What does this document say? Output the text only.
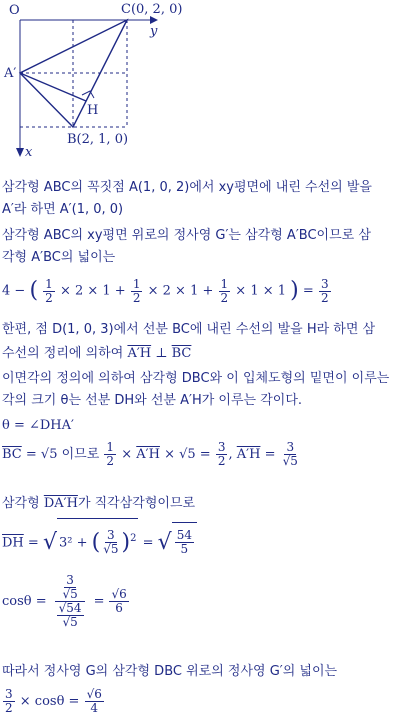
O	C(0, 2, 0)
y
A′
H
B(2, 1, 0)
x
삼각형 ABC의 꼭짓점 A(1, 0, 2)에서 xy평면에 내린 수선의 발을
A′라 하면 A′(1, 0, 0)
삼각형 ABC의 xy평면 위로의 정사영 G′는 삼각형 A′BC이므로 삼
각형 A′BC의 넓이는
4 − ( $\frac{1}{2} \times 2 \times 1 + \frac{1}{2} \times 2 \times 1 + \frac{1}{2} \times 1 \times 1$ ) = $\frac{3}{2}$
한편, 점 D(1, 0, 3)에서 선분 BC에 내린 수선의 발을 H라 하면 삼
수선의 정리에 의하여 A′H ⊥ $\overline{BC}$
이면각의 정의에 의하여 삼각형 DBC와 이 입체도형의 밑면이 이루는
각의 크기 θ는 선분 DH와 선분 A′H가 이루는 각이다.
θ = ∠DHA′
$\overline{BC} = √5$ 이므로 $\frac{1}{2} \times A'H \times √5 = \frac{3}{2}$ , $A'H = \frac{3}{√5}$
삼각형 DA′H가 직각삼각형이므로
$\overline{DH}$ = √ 3² + ( $\frac{3}{√5} )^2$ = √ $\frac{54}{5}$
$\cos\theta = \frac{\frac{3}{√5}}{\frac{√54}{√5}} = \frac{√6}{6}$
따라서 정사영 G의 삼각형 DBC 위로의 정사영 G′의 넓이는
$\frac{3}{2} \times \cos\theta = \frac{√6}{4}$
